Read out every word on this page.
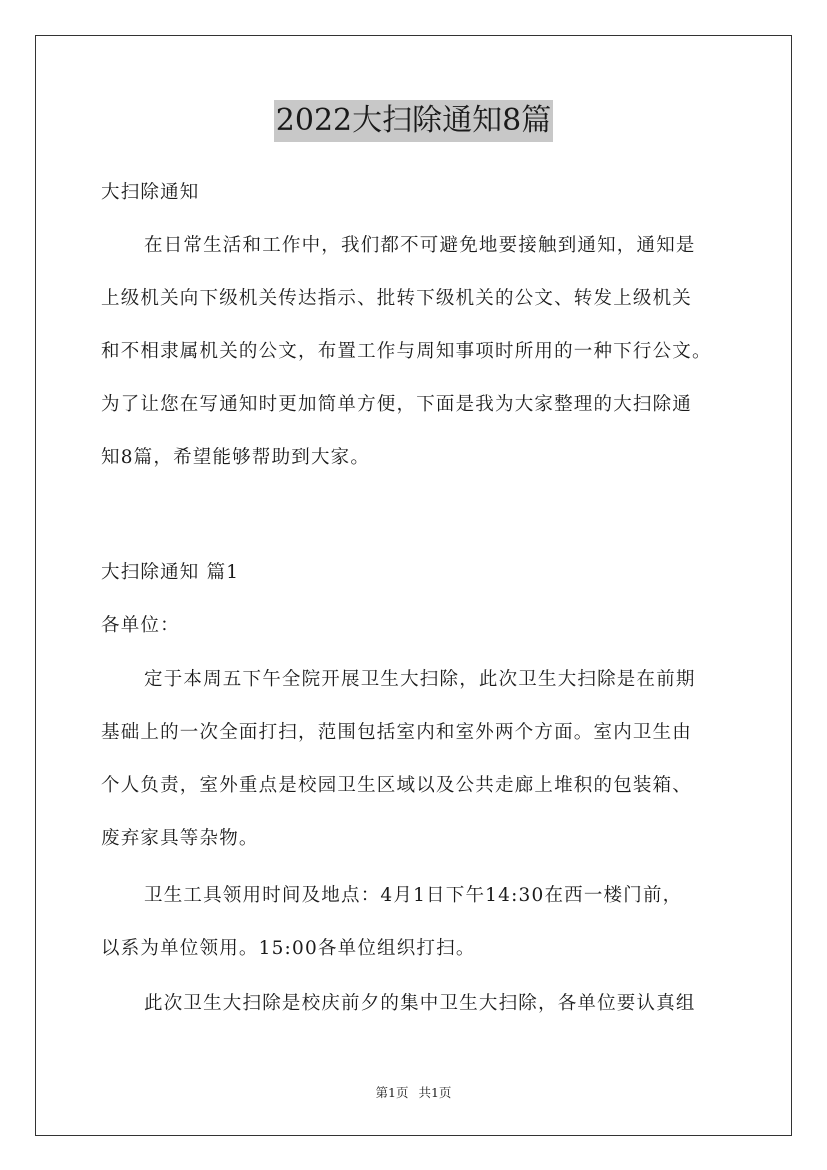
2022大扫除通知8篇
大扫除通知
在日常生活和工作中，我们都不可避免地要接触到通知，通知是
上级机关向下级机关传达指示、批转下级机关的公文、转发上级机关
和不相隶属机关的公文，布置工作与周知事项时所用的一种下行公文。
为了让您在写通知时更加简单方便，下面是我为大家整理的大扫除通
知8篇，希望能够帮助到大家。
大扫除通知 篇1
各单位：
定于本周五下午全院开展卫生大扫除，此次卫生大扫除是在前期
基础上的一次全面打扫，范围包括室内和室外两个方面。室内卫生由
个人负责，室外重点是校园卫生区域以及公共走廊上堆积的包装箱、
废弃家具等杂物。
卫生工具领用时间及地点：4月1日下午14:30在西一楼门前，
以系为单位领用。15:00各单位组织打扫。
此次卫生大扫除是校庆前夕的集中卫生大扫除，各单位要认真组
第1页 共1页
